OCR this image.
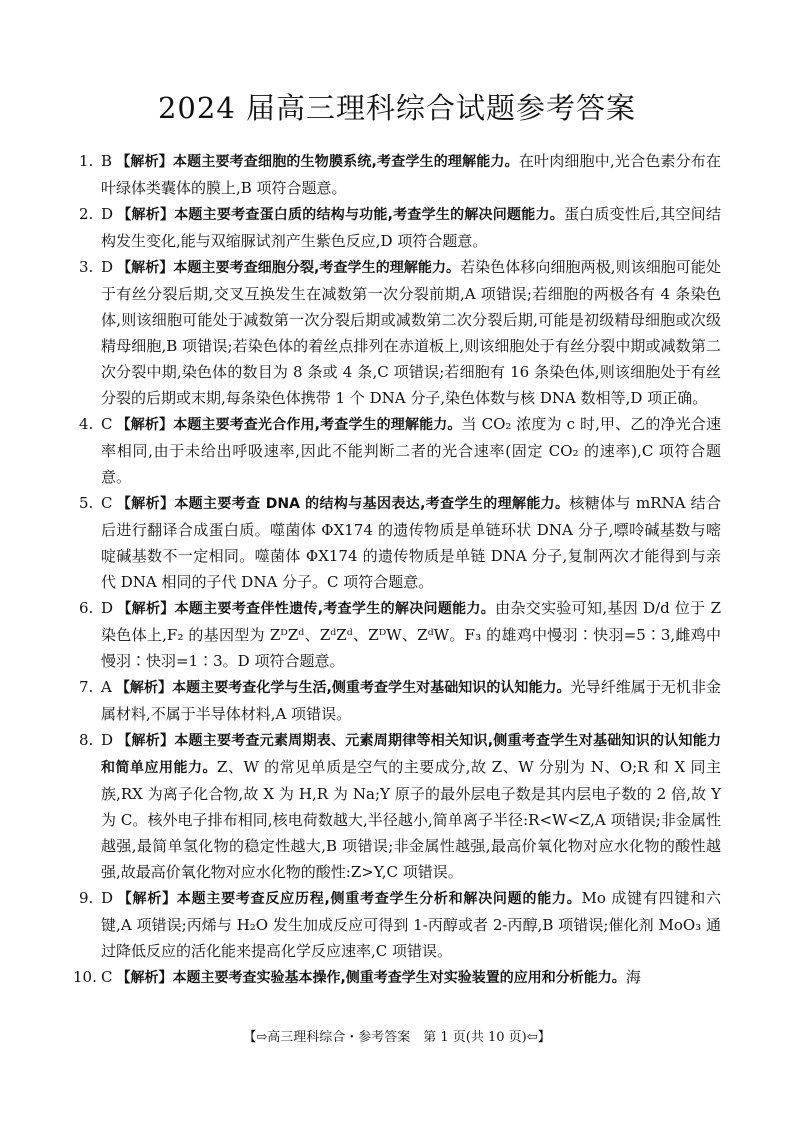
2024 届高三理科综合试题参考答案
1. B 【解析】本题主要考查细胞的生物膜系统,考查学生的理解能力。在叶肉细胞中,光合色素分布在叶绿体类囊体的膜上,B 项符合题意。
2. D 【解析】本题主要考查蛋白质的结构与功能,考查学生的解决问题能力。蛋白质变性后,其空间结构发生变化,能与双缩脲试剂产生紫色反应,D 项符合题意。
3. D 【解析】本题主要考查细胞分裂,考查学生的理解能力。若染色体移向细胞两极,则该细胞可能处于有丝分裂后期,交叉互换发生在减数第一次分裂前期,A 项错误;若细胞的两极各有 4 条染色体,则该细胞可能处于减数第一次分裂后期或减数第二次分裂后期,可能是初级精母细胞或次级精母细胞,B 项错误;若染色体的着丝点排列在赤道板上,则该细胞处于有丝分裂中期或减数第二次分裂中期,染色体的数目为 8 条或 4 条,C 项错误;若细胞有 16 条染色体,则该细胞处于有丝分裂的后期或末期,每条染色体携带 1 个 DNA 分子,染色体数与核 DNA 数相等,D 项正确。
4. C 【解析】本题主要考查光合作用,考查学生的理解能力。当 CO₂ 浓度为 c 时,甲、乙的净光合速率相同,由于未给出呼吸速率,因此不能判断二者的光合速率(固定 CO₂ 的速率),C 项符合题意。
5. C 【解析】本题主要考查 DNA 的结构与基因表达,考查学生的理解能力。核糖体与 mRNA 结合后进行翻译合成蛋白质。噬菌体 ΦX174 的遗传物质是单链环状 DNA 分子,嘌呤碱基数与嘧啶碱基数不一定相同。噬菌体 ΦX174 的遗传物质是单链 DNA 分子,复制两次才能得到与亲代 DNA 相同的子代 DNA 分子。C 项符合题意。
6. D 【解析】本题主要考查伴性遗传,考查学生的解决问题能力。由杂交实验可知,基因 D/d 位于 Z 染色体上,F₂ 的基因型为 ZᴰZᵈ、ZᵈZᵈ、ZᴰW、ZᵈW。F₃ 的雄鸡中慢羽∶快羽=5∶3,雌鸡中慢羽∶快羽=1∶3。D 项符合题意。
7. A 【解析】本题主要考查化学与生活,侧重考查学生对基础知识的认知能力。光导纤维属于无机非金属材料,不属于半导体材料,A 项错误。
8. D 【解析】本题主要考查元素周期表、元素周期律等相关知识,侧重考查学生对基础知识的认知能力和简单应用能力。Z、W 的常见单质是空气的主要成分,故 Z、W 分别为 N、O;R 和 X 同主族,RX 为离子化合物,故 X 为 H,R 为 Na;Y 原子的最外层电子数是其内层电子数的 2 倍,故 Y 为 C。核外电子排布相同,核电荷数越大,半径越小,简单离子半径:R<W<Z,A 项错误;非金属性越强,最简单氢化物的稳定性越大,B 项错误;非金属性越强,最高价氧化物对应水化物的酸性越强,故最高价氧化物对应水化物的酸性:Z>Y,C 项错误。
9. D 【解析】本题主要考查反应历程,侧重考查学生分析和解决问题的能力。Mo 成键有四键和六键,A 项错误;丙烯与 H₂O 发生加成反应可得到 1-丙醇或者 2-丙醇,B 项错误;催化剂 MoO₃ 通过降低反应的活化能来提高化学反应速率,C 项错误。
10. C 【解析】本题主要考查实验基本操作,侧重考查学生对实验装置的应用和分析能力。海
【⇨高三理科综合・参考答案　第 1 页(共 10 页)⇦】
